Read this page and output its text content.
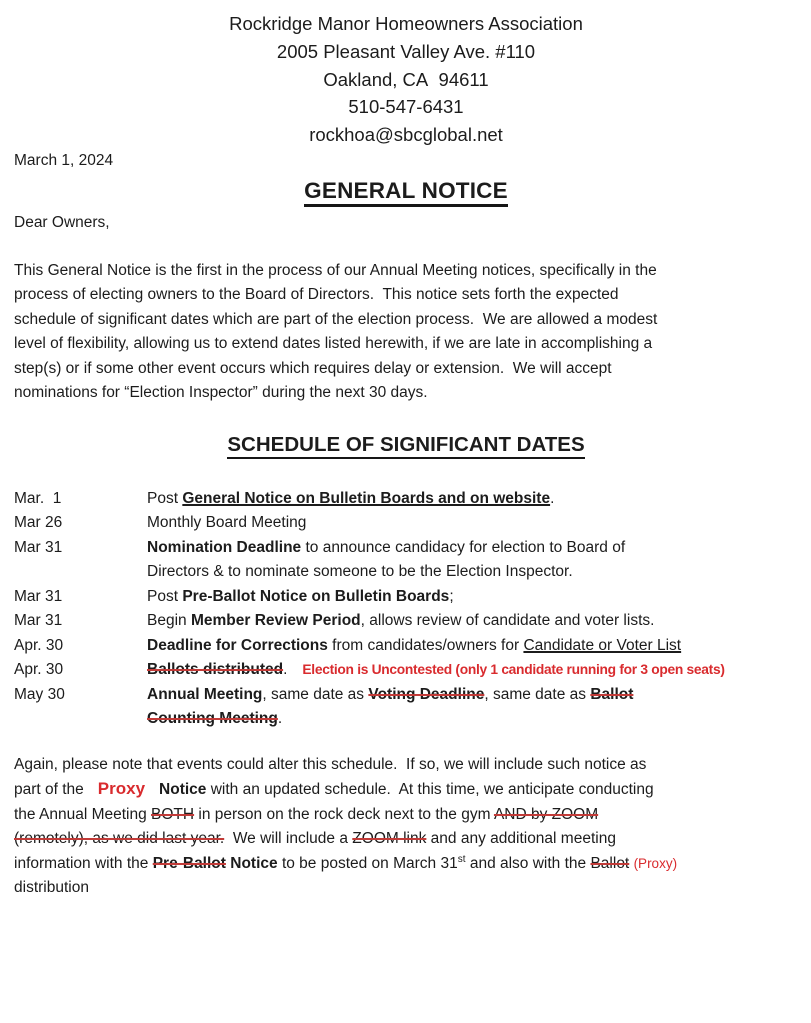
Rockridge Manor Homeowners Association
2005 Pleasant Valley Ave. #110
Oakland, CA  94611
510-547-6431
rockhoa@sbcglobal.net
March 1, 2024
GENERAL NOTICE
Dear Owners,

This General Notice is the first in the process of our Annual Meeting notices, specifically in the
process of electing owners to the Board of Directors.  This notice sets forth the expected
schedule of significant dates which are part of the election process.  We are allowed a modest
level of flexibility, allowing us to extend dates listed herewith, if we are late in accomplishing a
step(s) or if some other event occurs which requires delay or extension.  We will accept
nominations for “Election Inspector” during the next 30 days.

SCHEDULE OF SIGNIFICANT DATES
Mar.  1	Post General Notice on Bulletin Boards and on website.
Mar 26	Monthly Board Meeting
Mar 31	Nomination Deadline to announce candidacy for election to Board of
Directors & to nominate someone to be the Election Inspector.
Mar 31	Post Pre-Ballot Notice on Bulletin Boards;
Mar 31	Begin Member Review Period, allows review of candidate and voter lists.
Apr. 30	Deadline for Corrections from candidates/owners for Candidate or Voter List
Apr. 30	Ballots distributed. Election is Uncontested (only 1 candidate running for 3 open seats)
May 30	Annual Meeting, same date as Voting Deadline, same date as Ballot
Counting Meeting.

Again, please note that events could alter this schedule.  If so, we will include such notice as
part of the Proxy Notice with an updated schedule.  At this time, we anticipate conducting
the Annual Meeting BOTH in person on the rock deck next to the gym AND by ZOOM
(remotely), as we did last year.  We will include a ZOOM link and any additional meeting
information with the Pre-Ballot Notice to be posted on March 31st and also with the Ballot (Proxy)
distribution
